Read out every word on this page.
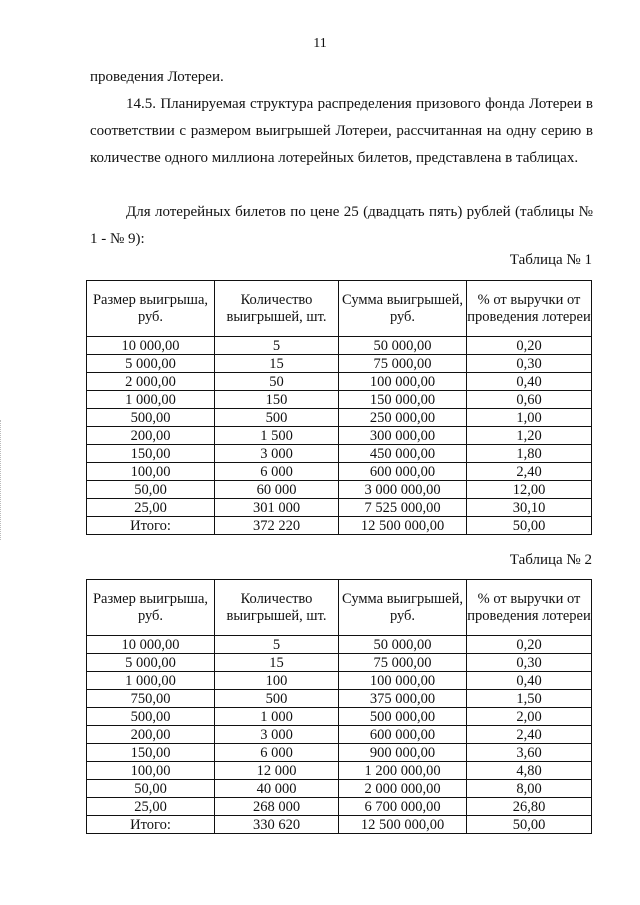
11

проведения Лотереи.

14.5. Планируемая структура распределения призового фонда Лотереи в соответствии с размером выигрышей Лотереи, рассчитанная на одну серию в количестве одного миллиона лотерейных билетов, представлена в таблицах.

Для лотерейных билетов по цене 25 (двадцать пять) рублей (таблицы № 1 - № 9):

Таблица № 1
Размер выигрыша, руб.	Количество выигрышей, шт.	Сумма выигрышей, руб.	% от выручки от проведения лотереи
10 000,00	5	50 000,00	0,20
5 000,00	15	75 000,00	0,30
2 000,00	50	100 000,00	0,40
1 000,00	150	150 000,00	0,60
500,00	500	250 000,00	1,00
200,00	1 500	300 000,00	1,20
150,00	3 000	450 000,00	1,80
100,00	6 000	600 000,00	2,40
50,00	60 000	3 000 000,00	12,00
25,00	301 000	7 525 000,00	30,10
Итого:	372 220	12 500 000,00	50,00
Таблица № 2
Размер выигрыша, руб.	Количество выигрышей, шт.	Сумма выигрышей, руб.	% от выручки от проведения лотереи
10 000,00	5	50 000,00	0,20
5 000,00	15	75 000,00	0,30
1 000,00	100	100 000,00	0,40
750,00	500	375 000,00	1,50
500,00	1 000	500 000,00	2,00
200,00	3 000	600 000,00	2,40
150,00	6 000	900 000,00	3,60
100,00	12 000	1 200 000,00	4,80
50,00	40 000	2 000 000,00	8,00
25,00	268 000	6 700 000,00	26,80
Итого:	330 620	12 500 000,00	50,00
